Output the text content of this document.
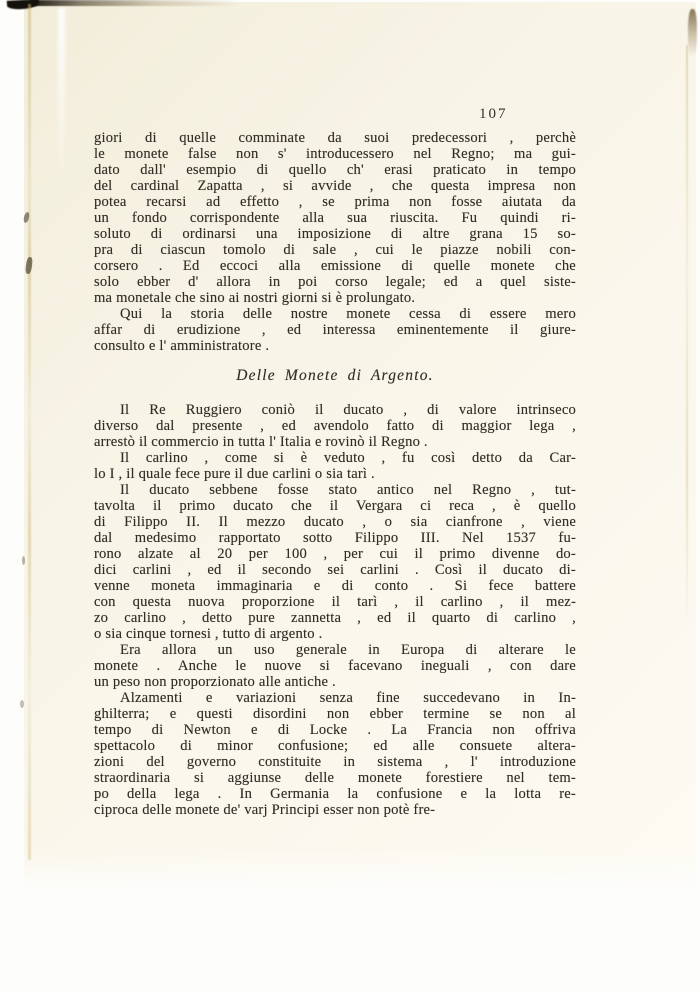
107
giori di quelle comminate da suoi predecessori , perchè
le monete false non s' introducessero nel Regno; ma gui-
dato dall' esempio di quello ch' erasi praticato in tempo
del cardinal Zapatta , si avvide , che questa impresa non
potea recarsi ad effetto , se prima non fosse aiutata da
un fondo corrispondente alla sua riuscita. Fu quindi ri-
soluto di ordinarsi una imposizione di altre grana 15 so-
pra di ciascun tomolo di sale , cui le piazze nobili con-
corsero . Ed eccoci alla emissione di quelle monete che
solo ebber d' allora in poi corso legale; ed a quel siste-
ma monetale che sino ai nostri giorni si è prolungato.
Qui la storia delle nostre monete cessa di essere mero
affar di erudizione , ed interessa eminentemente il giure-
consulto e l' amministratore .
Delle Monete di Argento.
Il Re Ruggiero coniò il ducato , di valore intrinseco
diverso dal presente , ed avendolo fatto di maggior lega ,
arrestò il commercio in tutta l' Italia e rovinò il Regno .
Il carlino , come si è veduto , fu così detto da Car-
lo I , il quale fece pure il due carlini o sia tarì .
Il ducato sebbene fosse stato antico nel Regno , tut-
tavolta il primo ducato che il Vergara ci reca , è quello
di Filippo II. Il mezzo ducato , o sia cianfrone , viene
dal medesimo rapportato sotto Filippo III. Nel 1537 fu-
rono alzate al 20 per 100 , per cui il primo divenne do-
dici carlini , ed il secondo sei carlini . Così il ducato di-
venne moneta immaginaria e di conto . Si fece battere
con questa nuova proporzione il tarì , il carlino , il mez-
zo carlino , detto pure zannetta , ed il quarto di carlino ,
o sia cinque tornesi , tutto di argento .
Era allora un uso generale in Europa di alterare le
monete . Anche le nuove si facevano ineguali , con dare
un peso non proporzionato alle antiche .
Alzamenti e variazioni senza fine succedevano in In-
ghilterra; e questi disordini non ebber termine se non al
tempo di Newton e di Locke . La Francia non offriva
spettacolo di minor confusione; ed alle consuete altera-
zioni del governo constituite in sistema , l' introduzione
straordinaria si aggiunse delle monete forestiere nel tem-
po della lega . In Germania la confusione e la lotta re-
ciproca delle monete de' varj Principi esser non potè fre-
